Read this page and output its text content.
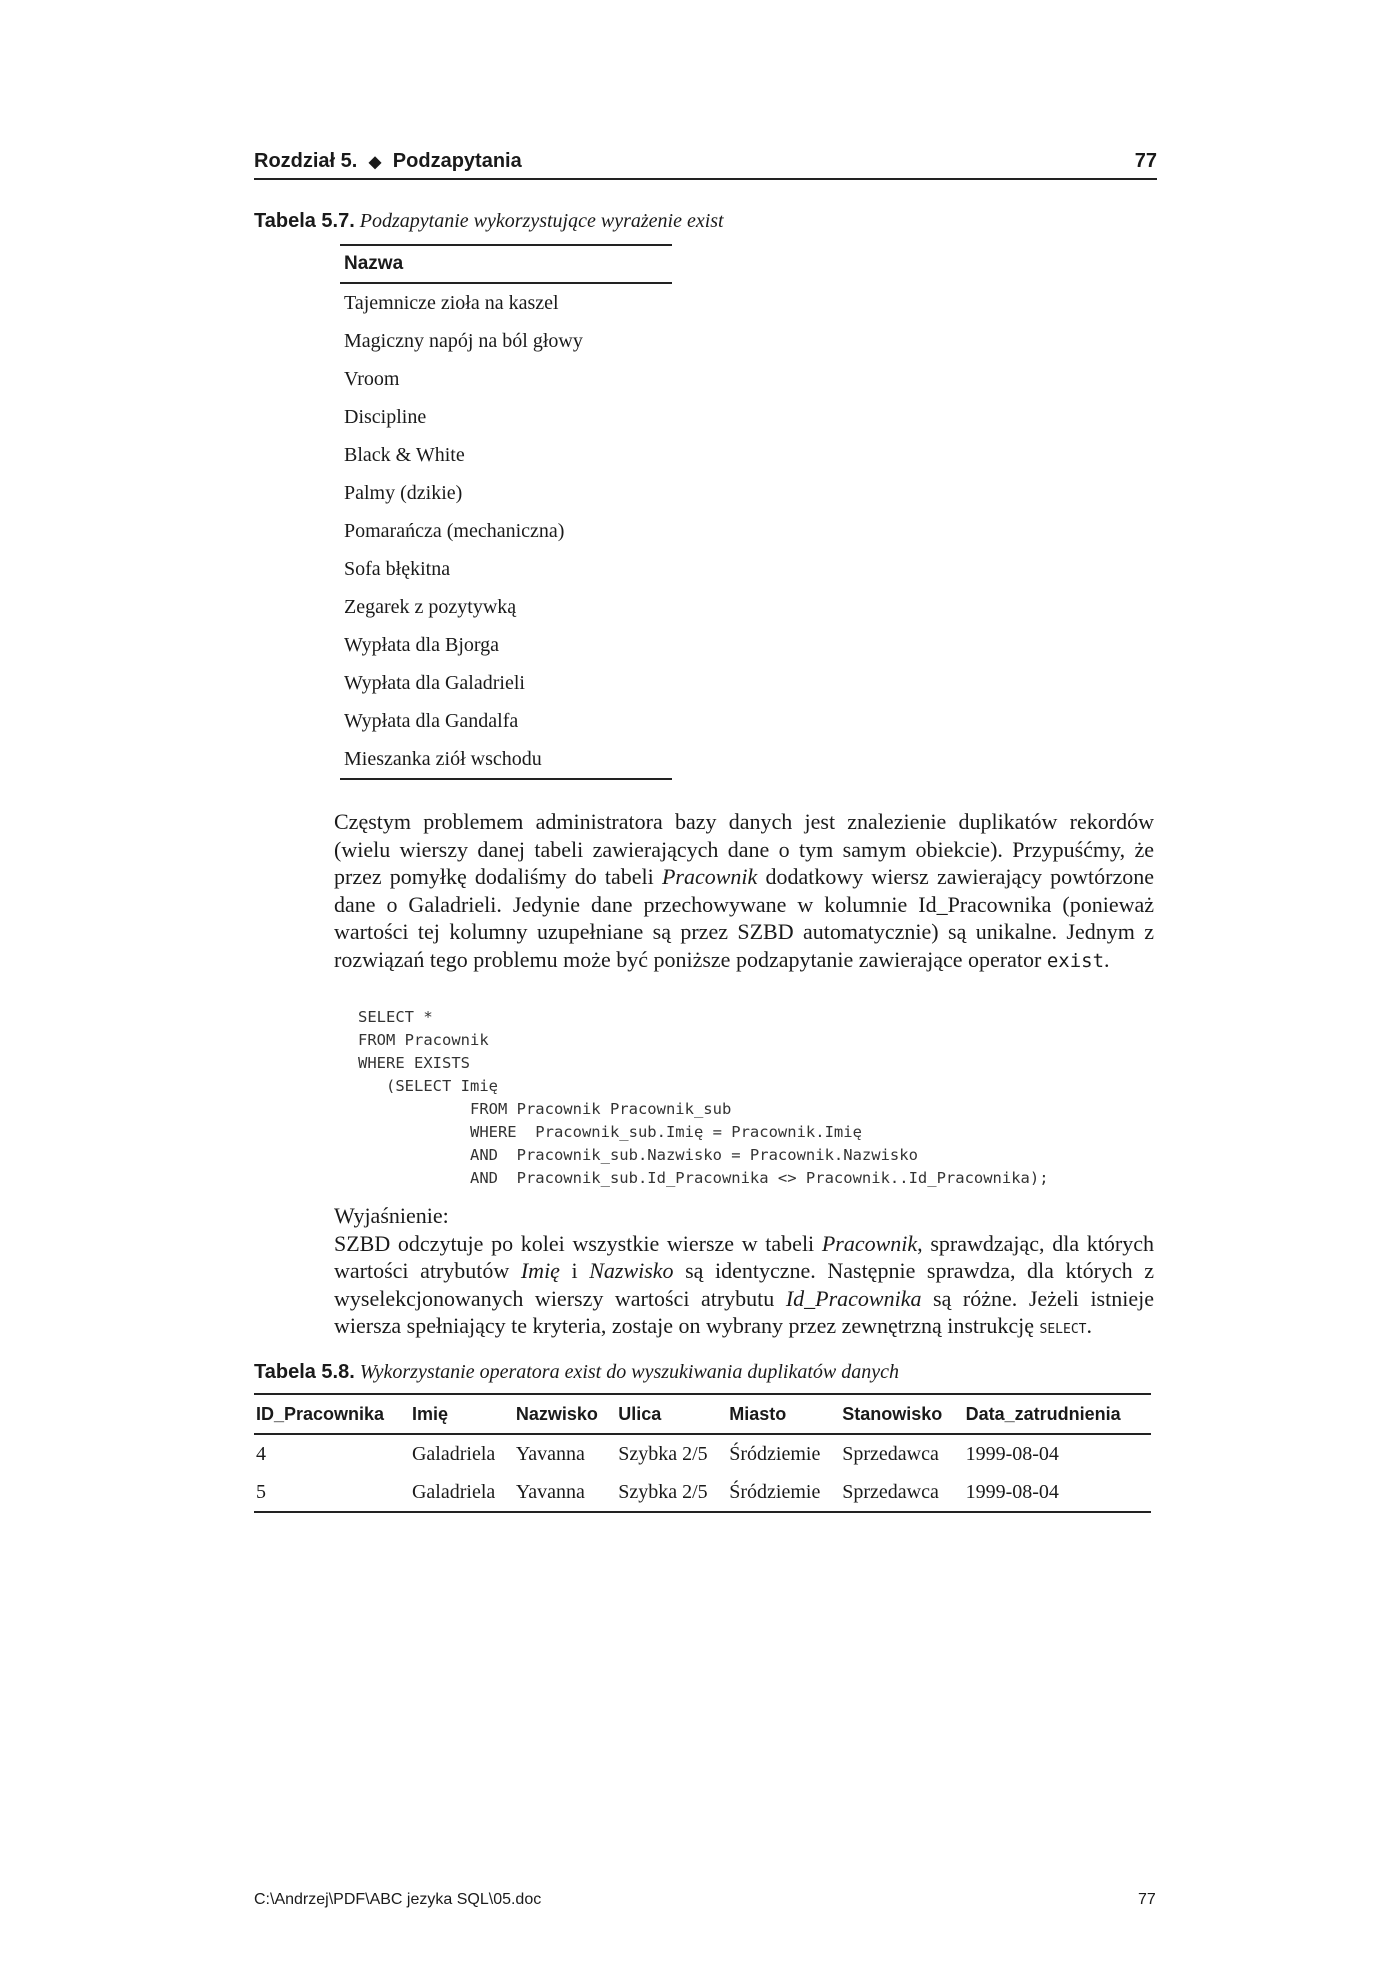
Rozdział 5. ◆ Podzapytania	77
Tabela 5.7. Podzapytanie wykorzystujące wyrażenie exist
Nazwa
Tajemnicze zioła na kaszel
Magiczny napój na ból głowy
Vroom
Discipline
Black & White
Palmy (dzikie)
Pomarańcza (mechaniczna)
Sofa błękitna
Zegarek z pozytywką
Wypłata dla Bjorga
Wypłata dla Galadrieli
Wypłata dla Gandalfa
Mieszanka ziół wschodu
Częstym problemem administratora bazy danych jest znalezienie duplikatów rekordów (wielu wierszy danej tabeli zawierających dane o tym samym obiekcie). Przypuśćmy, że przez pomyłkę dodaliśmy do tabeli Pracownik dodatkowy wiersz zawierający powtórzone dane o Galadrieli. Jedynie dane przechowywane w kolumnie Id_Pracownika (ponieważ wartości tej kolumny uzupełniane są przez SZBD automatycznie) są unikalne. Jednym z rozwiązań tego problemu może być poniższe podzapytanie zawierające operator exist.
SELECT *
FROM Pracownik
WHERE EXISTS
(SELECT Imię
FROM Pracownik Pracownik_sub
WHERE  Pracownik_sub.Imię = Pracownik.Imię
AND  Pracownik_sub.Nazwisko = Pracownik.Nazwisko
AND  Pracownik_sub.Id_Pracownika <> Pracownik..Id_Pracownika);
Wyjaśnienie:
SZBD odczytuje po kolei wszystkie wiersze w tabeli Pracownik, sprawdzając, dla których wartości atrybutów Imię i Nazwisko są identyczne. Następnie sprawdza, dla których z wyselekcjonowanych wierszy wartości atrybutu Id_Pracownika są różne. Jeżeli istnieje wiersza spełniający te kryteria, zostaje on wybrany przez zewnętrzną instrukcję SELECT.
Tabela 5.8. Wykorzystanie operatora exist do wyszukiwania duplikatów danych
ID_Pracownika	Imię	Nazwisko	Ulica	Miasto	Stanowisko	Data_zatrudnienia
4	Galadriela	Yavanna	Szybka 2/5	Śródziemie	Sprzedawca	1999-08-04
5	Galadriela	Yavanna	Szybka 2/5	Śródziemie	Sprzedawca	1999-08-04
C:\Andrzej\PDF\ABC jezyka SQL\05.doc	77
